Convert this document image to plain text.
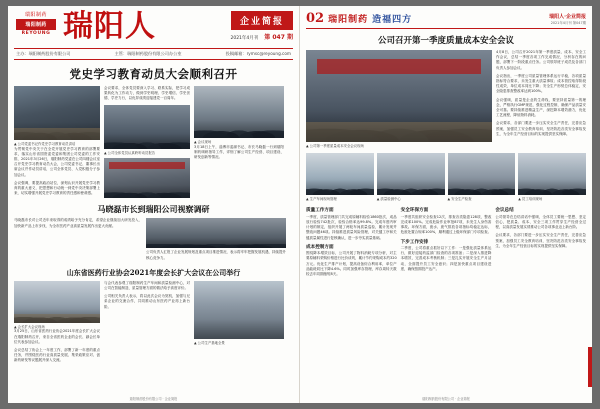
瑞阳制药
瑞阳制药
REYOUNG 瑞阳人	企业简报
2021年4月刊 第 047 期
主办：瑞阳制药股份有限公司	主管：瑞阳制药股份有限公司办公室	投稿邮箱：rymsc@reyoung.com
党史学习教育动员大会顺利召开
▲ 公司党委书记作党史学习教育动员讲话

为贯彻党中央关于在全党开展党史学习教育的部署要求，落实山东省国资委党委和集团公司党委的工作安排，2021年3月26日，瑞阳制药党委在公司四楼会议室召开党史学习教育动员大会，公司党委书记、董事长出席会议并作动员讲话，公司全体党员、入党积极分子参加会议。

会议强调，要提高政治站位，深刻认识开展党史学习教育的重大意义，把思想和行动统一到党中央决策部署上来，切实增强开展党史学习教育的责任感和使命感。

会议要求，全体党员要深入学习、联系实际，把学习成果转化为工作动力，做到学史明理、学史增信、学史崇德、学史力行，以优异成绩迎接建党一百周年。

▲ 公司全体党员认真聆听动员报告
▲ 会议现场

3月18日上午，淄博市委副书记、市长马晓磊一行到瑞阳制药调研指导工作，详细了解公司生产经营、项目建设、研发创新等情况。

马晓磊市长到瑞阳公司视察调研

马晓磊市长对公司近年来取得的成绩给予充分肯定，希望企业继续加大研发投入，加快新产品上市步伐，为全市医药产业高质量发展作出更大贡献。

公司负责人汇报了企业发展规划及重点项目推进情况，表示将牢牢把握发展机遇，持续提升核心竞争力。

山东省医药行业协会2021年度会长扩大会议在公司举行
▲ 会长扩大会议现场

3月25日，山东省医药行业协会2021年度会长扩大会议在瑞阳制药召开，来自全省医药企业的会长、副会长单位代表参加会议。

会议总结了协会上一年度工作，部署了新一年度的重点任务，并围绕医药行业高质量发展、集采政策应对、创新药研发等议题展开深入交流。

与会代表参观了瑞阳制药生产车间和质量检测中心，对公司在智能制造、质量管理方面的做法给予高度评价。

公司相关负责人表示，将以此次会议为契机，加强与兄弟企业的交流合作，共同推动山东医药产业再上新台阶。

▲ 公司生产基地全景
瑞阳制药股份有限公司 · 企业简报
02 瑞阳制药 造福四方	瑞阳人·企业简报
2021年4月刊 第047期
公司召开第一季度质量成本安全会议
▲ 公司第一季度质量成本安全会议现场

4月8日，公司召开2021年第一季度质量、成本、安全工作会议，总结一季度各项工作完成情况，分析存在的问题，部署下一阶段重点任务。公司领导班子成员及各部门负责人参加会议。

会议指出，一季度公司质量管理体系运行平稳，各项质量指标符合要求，未发生重大质量事故；成本管控取得阶段性成效，单位成本同比下降；安全生产形势总体稳定，安全隐患排查整改率达到100%。

会议强调，质量是企业的生命线，要坚持质量第一的理念，严格执行GMP规范，强化过程控制，确保产品质量安全可靠。要持续推进精益生产，深挖降本增效潜力，优化工艺流程，降低物料消耗。

会议要求，各部门要进一步压实安全生产责任，完善应急预案，加强员工安全教育培训，坚决防范各类安全事故发生，为全年生产经营目标的实现提供坚实保障。

▲ 生产车间现场管理	▲ 质量检测中心	▲ 安全生产检查	▲ 员工培训现场
质量工作方面

一季度，质量管理部门共完成原辅料检验1860批次，成品放行检验742批次，检验合格率达99.8%。完成年度内审计划的制定，组织开展了两轮车间质量巡检，累计发现并整改问题46项。持续推进质量风险管理，对关键工序和关键质量属性进行复核确认，进一步夯实质量基础。

成本控制方面

围绕降本增效目标，公司开展了物料消耗专项分析，对主要原辅料采购价格进行比价谈判，累计节约采购成本约320万元。优化生产排产计划，提高设备综合利用率，单位产品能耗同比下降4.6%。同时加强库存管理，库存周转天数较去年同期缩短8天。

安全环保方面

一季度共组织安全检查12次，排查各类隐患128项，整改完成率100%。完成危险作业审批87项，未发生人身伤害事故。环保方面，废水、废气排放各项指标均稳定达标，危废处置合规率100%，顺利通过上级环保部门专项检查。

下步工作安排

二季度，公司将重点抓好以下工作：一是强化质量体系运行，做好迎接药监部门检查的各项准备；二是深入推进降本增效，完善成本考核机制；三是扎实开展安全生产月活动，全面提升员工安全意识；四是加快重点项目建设进度，确保按期投产达产。

会议总结

公司领导在总结讲话中强调，全体员工要统一思想、坚定信心，把质量、成本、安全三项工作贯穿生产经营全过程，以高质量发展实绩推动公司各项事业迈上新台阶。

会议要求，各部门要进一步压实安全生产责任，完善应急预案，加强员工安全教育培训，坚决防范各类安全事故发生，为全年生产经营目标的实现提供坚实保障。

瑞阳制药股份有限公司 · 企业简报
